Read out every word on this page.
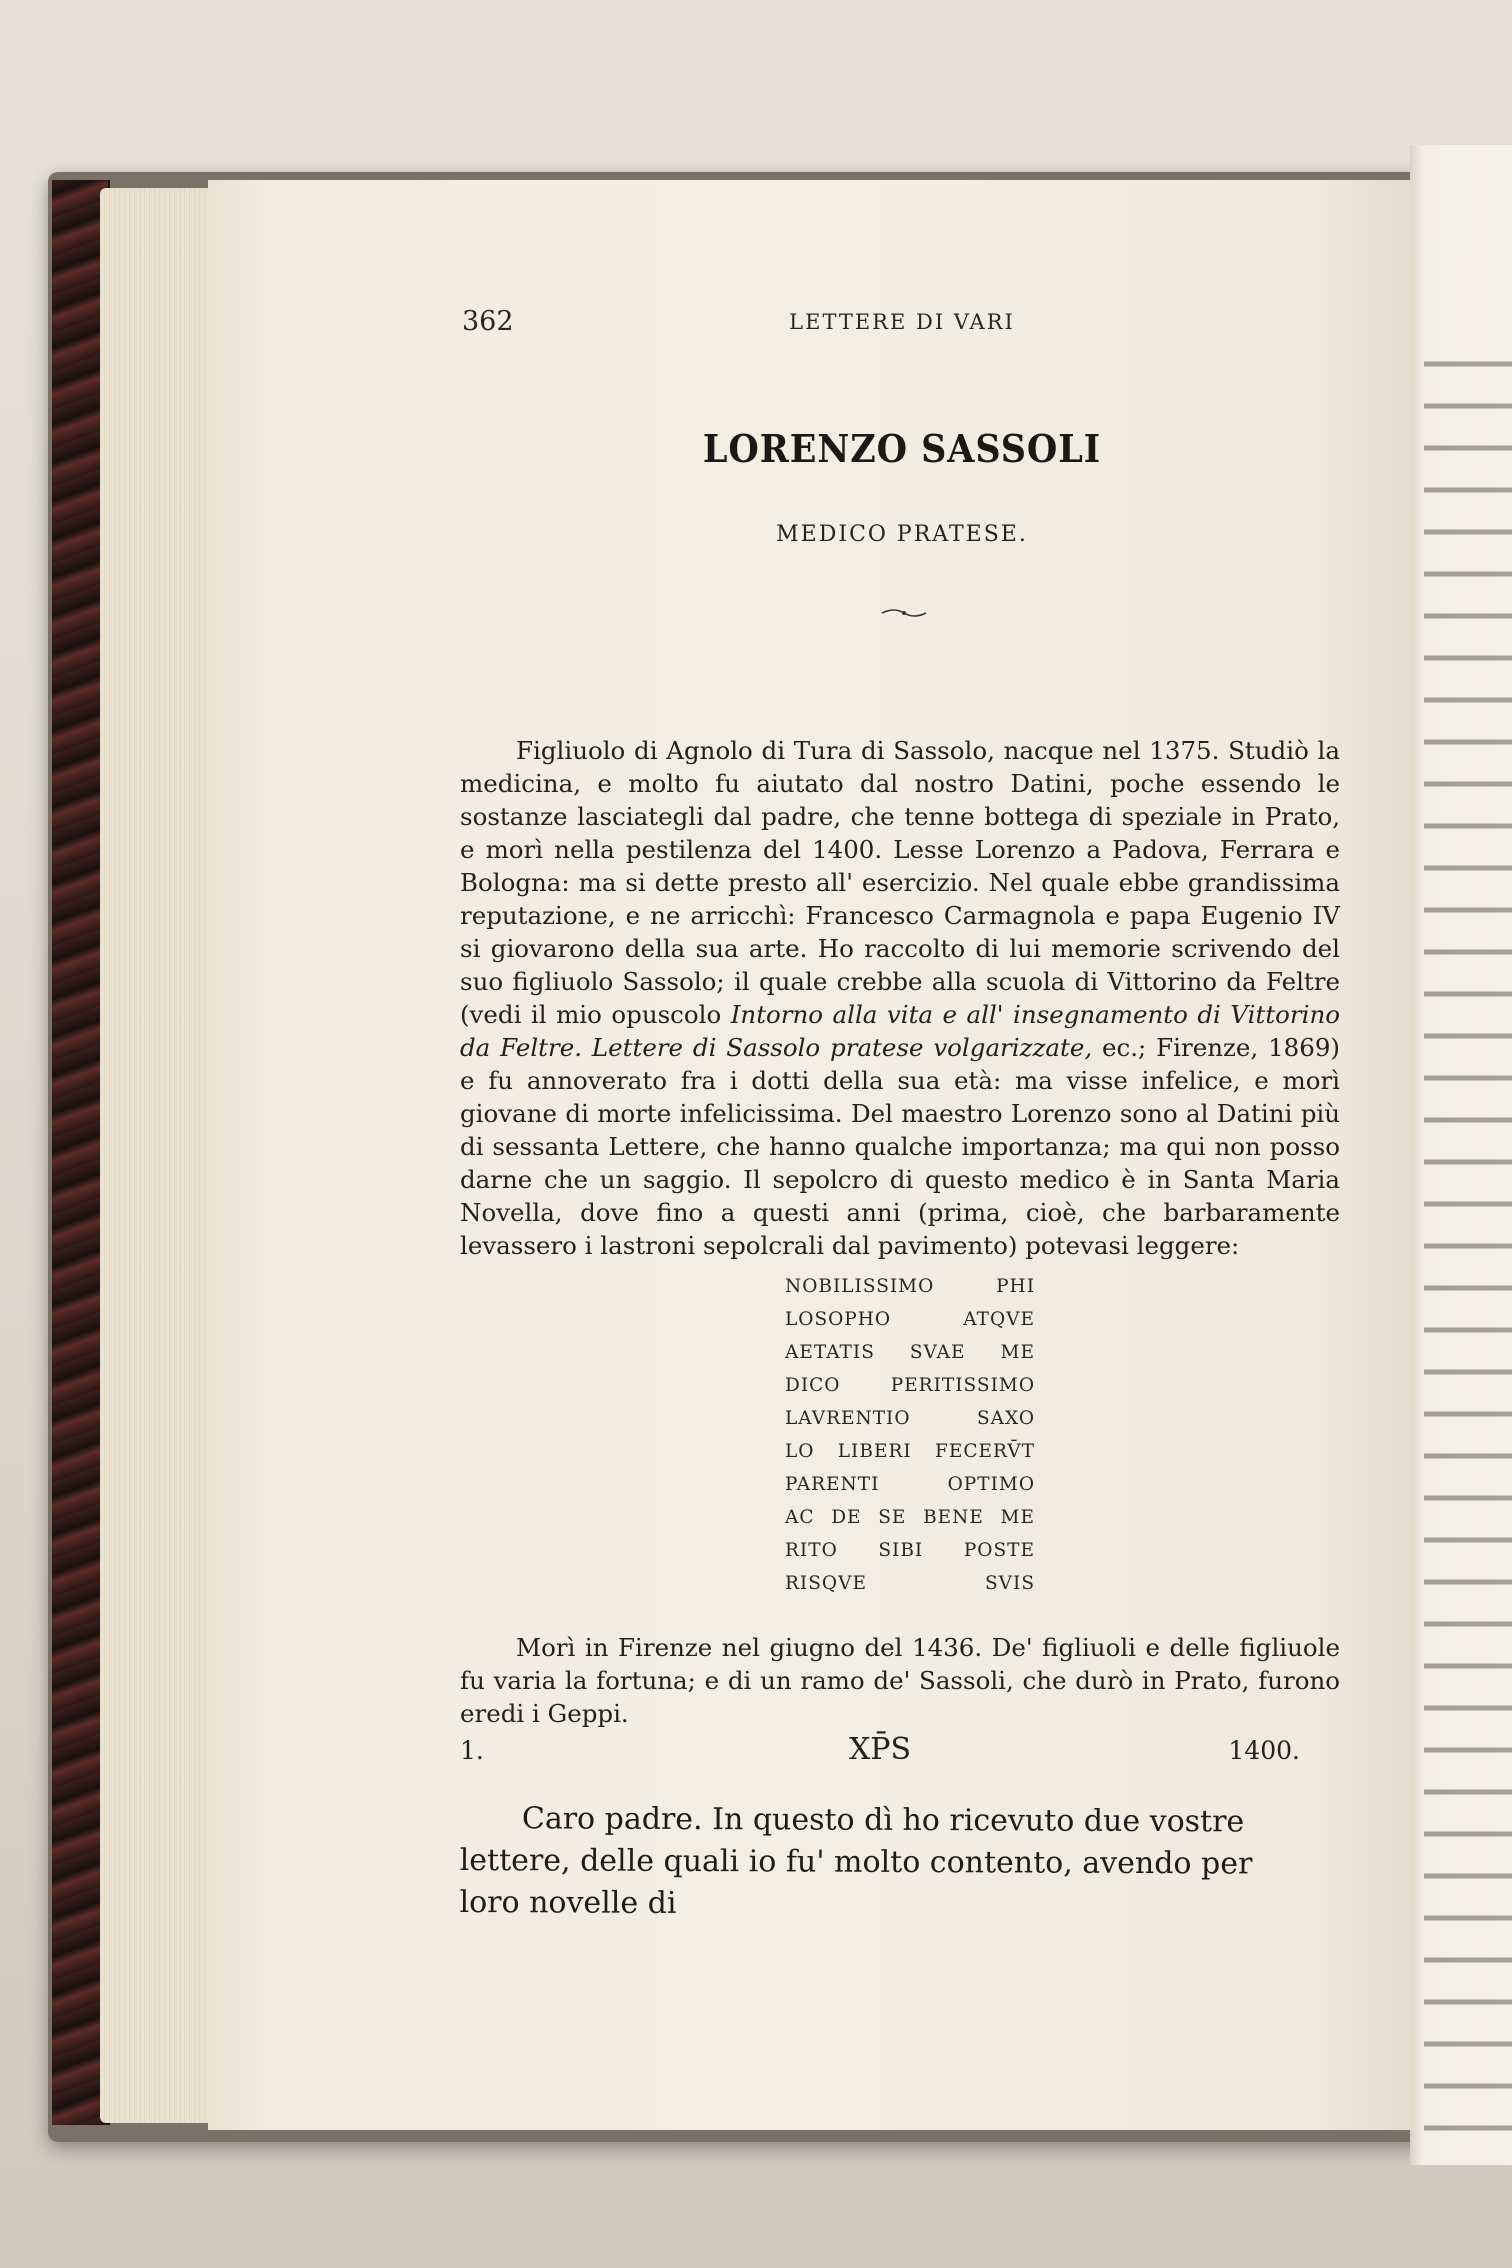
362	LETTERE DI VARI
LORENZO SASSOLI
MEDICO PRATESE.

Figliuolo di Agnolo di Tura di Sassolo, nacque nel 1375. Studiò la medicina, e molto fu aiutato dal nostro Datini, poche essendo le sostanze lasciategli dal padre, che tenne bottega di speziale in Prato, e morì nella pestilenza del 1400. Lesse Lorenzo a Padova, Ferrara e Bologna: ma si dette presto all' esercizio. Nel quale ebbe grandissima reputazione, e ne arricchì: Francesco Carmagnola e papa Eugenio IV si giovarono della sua arte. Ho raccolto di lui memorie scrivendo del suo figliuolo Sassolo; il quale crebbe alla scuola di Vittorino da Feltre (vedi il mio opuscolo Intorno alla vita e all' insegnamento di Vittorino da Feltre. Lettere di Sassolo pratese volgarizzate, ec.; Firenze, 1869) e fu annoverato fra i dotti della sua età: ma visse infelice, e morì giovane di morte infelicissima. Del maestro Lorenzo sono al Datini più di sessanta Lettere, che hanno qualche importanza; ma qui non posso darne che un saggio. Il sepolcro di questo medico è in Santa Maria Novella, dove fino a questi anni (prima, cioè, che barbaramente levassero i lastroni sepolcrali dal pavimento) potevasi leggere:

NOBILISSIMO	PHI
LOSOPHO	ATQVE
AETATIS SVAE ME
DICO	PERITISSIMO
LAVRENTIO	SAXO
LO LIBERI FECERV̄T
PARENTI	OPTIMO
AC DE SE BENE ME
RITO SIBI POSTE
RISQVE	SVIS

Morì in Firenze nel giugno del 1436. De' figliuoli e delle figliuole fu varia la fortuna; e di un ramo de' Sassoli, che durò in Prato, furono eredi i Geppi.

1.	XP̄S	1400.

Caro padre. In questo dì ho ricevuto due vostre lettere, delle quali io fu' molto contento, avendo per loro novelle di
